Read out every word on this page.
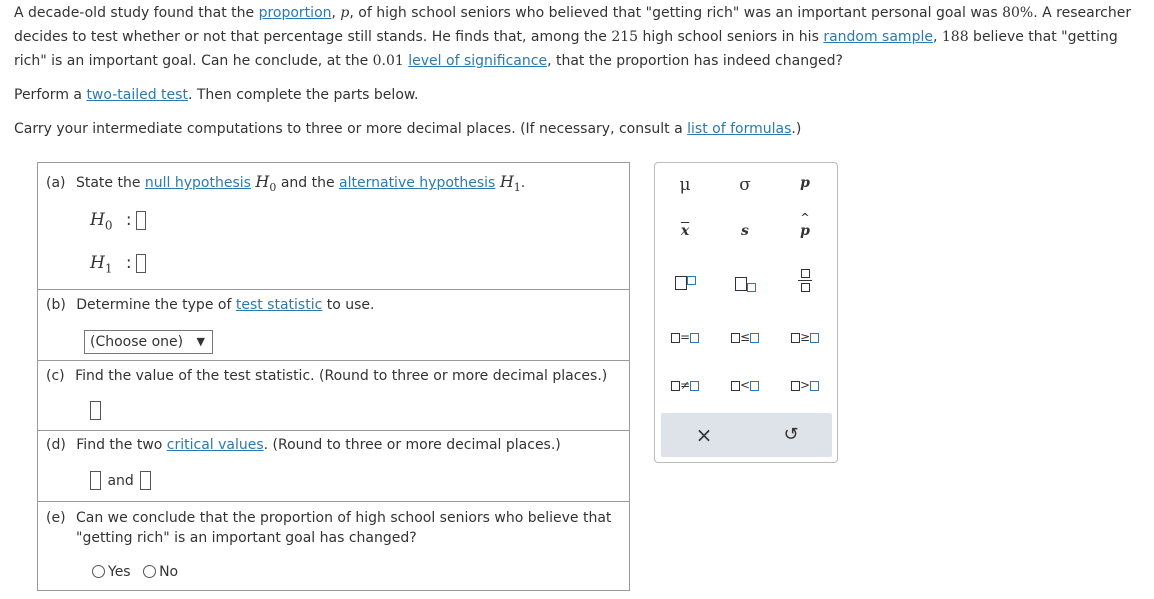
A decade-old study found that the proportion, p, of high school seniors who believed that "getting rich" was an important personal goal was 80%. A researcher
decides to test whether or not that percentage still stands. He finds that, among the 215 high school seniors in his random sample, 188 believe that "getting
rich" is an important goal. Can he conclude, at the 0.01 level of significance, that the proportion has indeed changed?
Perform a two-tailed test. Then complete the parts below.
Carry your intermediate computations to three or more decimal places. (If necessary, consult a list of formulas.)
(a) State the null hypothesis $H_0$ and the alternative hypothesis $H_1$.
$H_0$ :
$H_1$ :
(b) Determine the type of test statistic to use.
(Choose one) ▼
(c) Find the value of the test statistic. (Round to three or more decimal places.)
(d) Find the two critical values. (Round to three or more decimal places.)
and
(e) Can we conclude that the proportion of high school seniors who believe that
"getting rich" is an important goal has changed?
Yes No
μ	σ	p
$\overline{x}$	s
^
p
=	≤	≥
≠	<	>
×	↺
